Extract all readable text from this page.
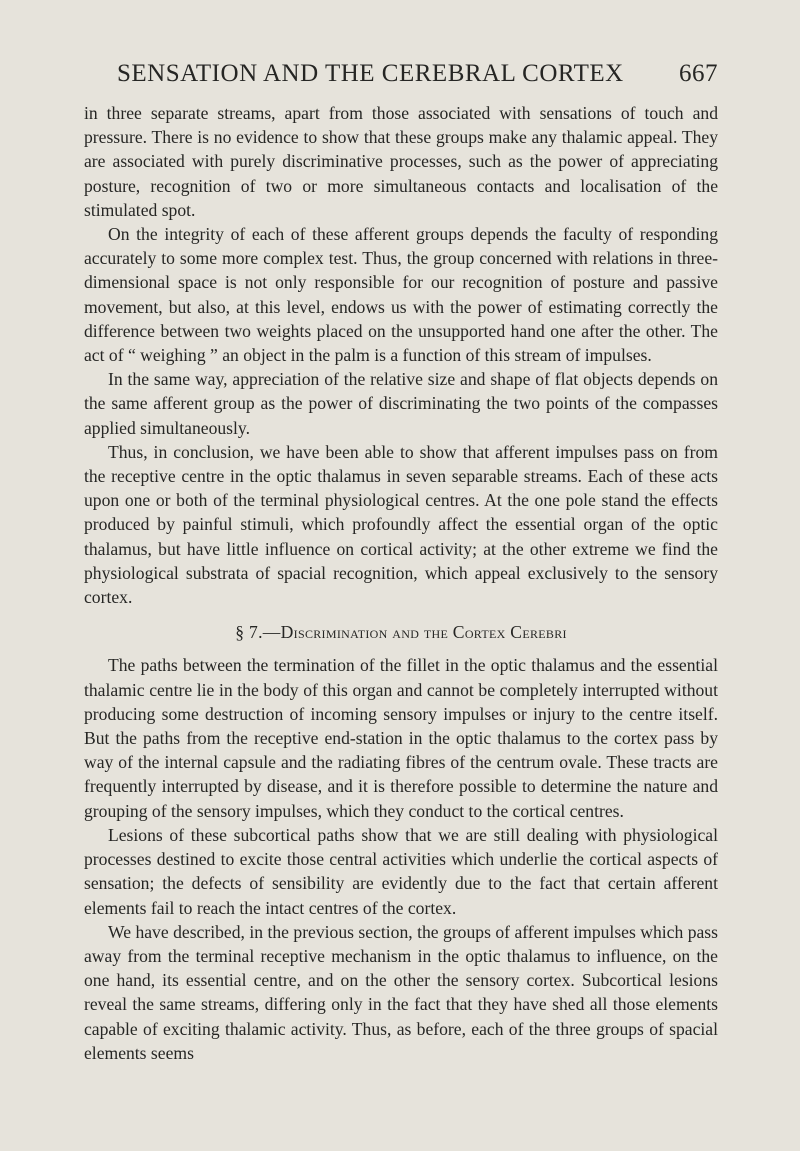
SENSATION AND THE CEREBRAL CORTEX 667

in three separate streams, apart from those associated with sensations of touch and pressure. There is no evidence to show that these groups make any thalamic appeal. They are associated with purely discriminative processes, such as the power of appreciating posture, recognition of two or more simultaneous contacts and localisation of the stimulated spot.

On the integrity of each of these afferent groups depends the faculty of responding accurately to some more complex test. Thus, the group concerned with relations in three-dimensional space is not only responsible for our recognition of posture and passive movement, but also, at this level, endows us with the power of estimating correctly the difference between two weights placed on the unsupported hand one after the other. The act of “ weighing ” an object in the palm is a function of this stream of impulses.

In the same way, appreciation of the relative size and shape of flat objects depends on the same afferent group as the power of discriminating the two points of the compasses applied simultaneously.

Thus, in conclusion, we have been able to show that afferent impulses pass on from the receptive centre in the optic thalamus in seven separable streams. Each of these acts upon one or both of the terminal physiological centres. At the one pole stand the effects produced by painful stimuli, which profoundly affect the essential organ of the optic thalamus, but have little influence on cortical activity; at the other extreme we find the physiological substrata of spacial recognition, which appeal exclusively to the sensory cortex.

§ 7.—Discrimination and the Cortex Cerebri

The paths between the termination of the fillet in the optic thalamus and the essential thalamic centre lie in the body of this organ and cannot be completely interrupted without producing some destruction of incoming sensory impulses or injury to the centre itself. But the paths from the receptive end-station in the optic thalamus to the cortex pass by way of the internal capsule and the radiating fibres of the centrum ovale. These tracts are frequently interrupted by disease, and it is therefore possible to determine the nature and grouping of the sensory impulses, which they conduct to the cortical centres.

Lesions of these subcortical paths show that we are still dealing with physiological processes destined to excite those central activities which underlie the cortical aspects of sensation; the defects of sensibility are evidently due to the fact that certain afferent elements fail to reach the intact centres of the cortex.

We have described, in the previous section, the groups of afferent impulses which pass away from the terminal receptive mechanism in the optic thalamus to influence, on the one hand, its essential centre, and on the other the sensory cortex. Subcortical lesions reveal the same streams, differing only in the fact that they have shed all those elements capable of exciting thalamic activity. Thus, as before, each of the three groups of spacial elements seems
